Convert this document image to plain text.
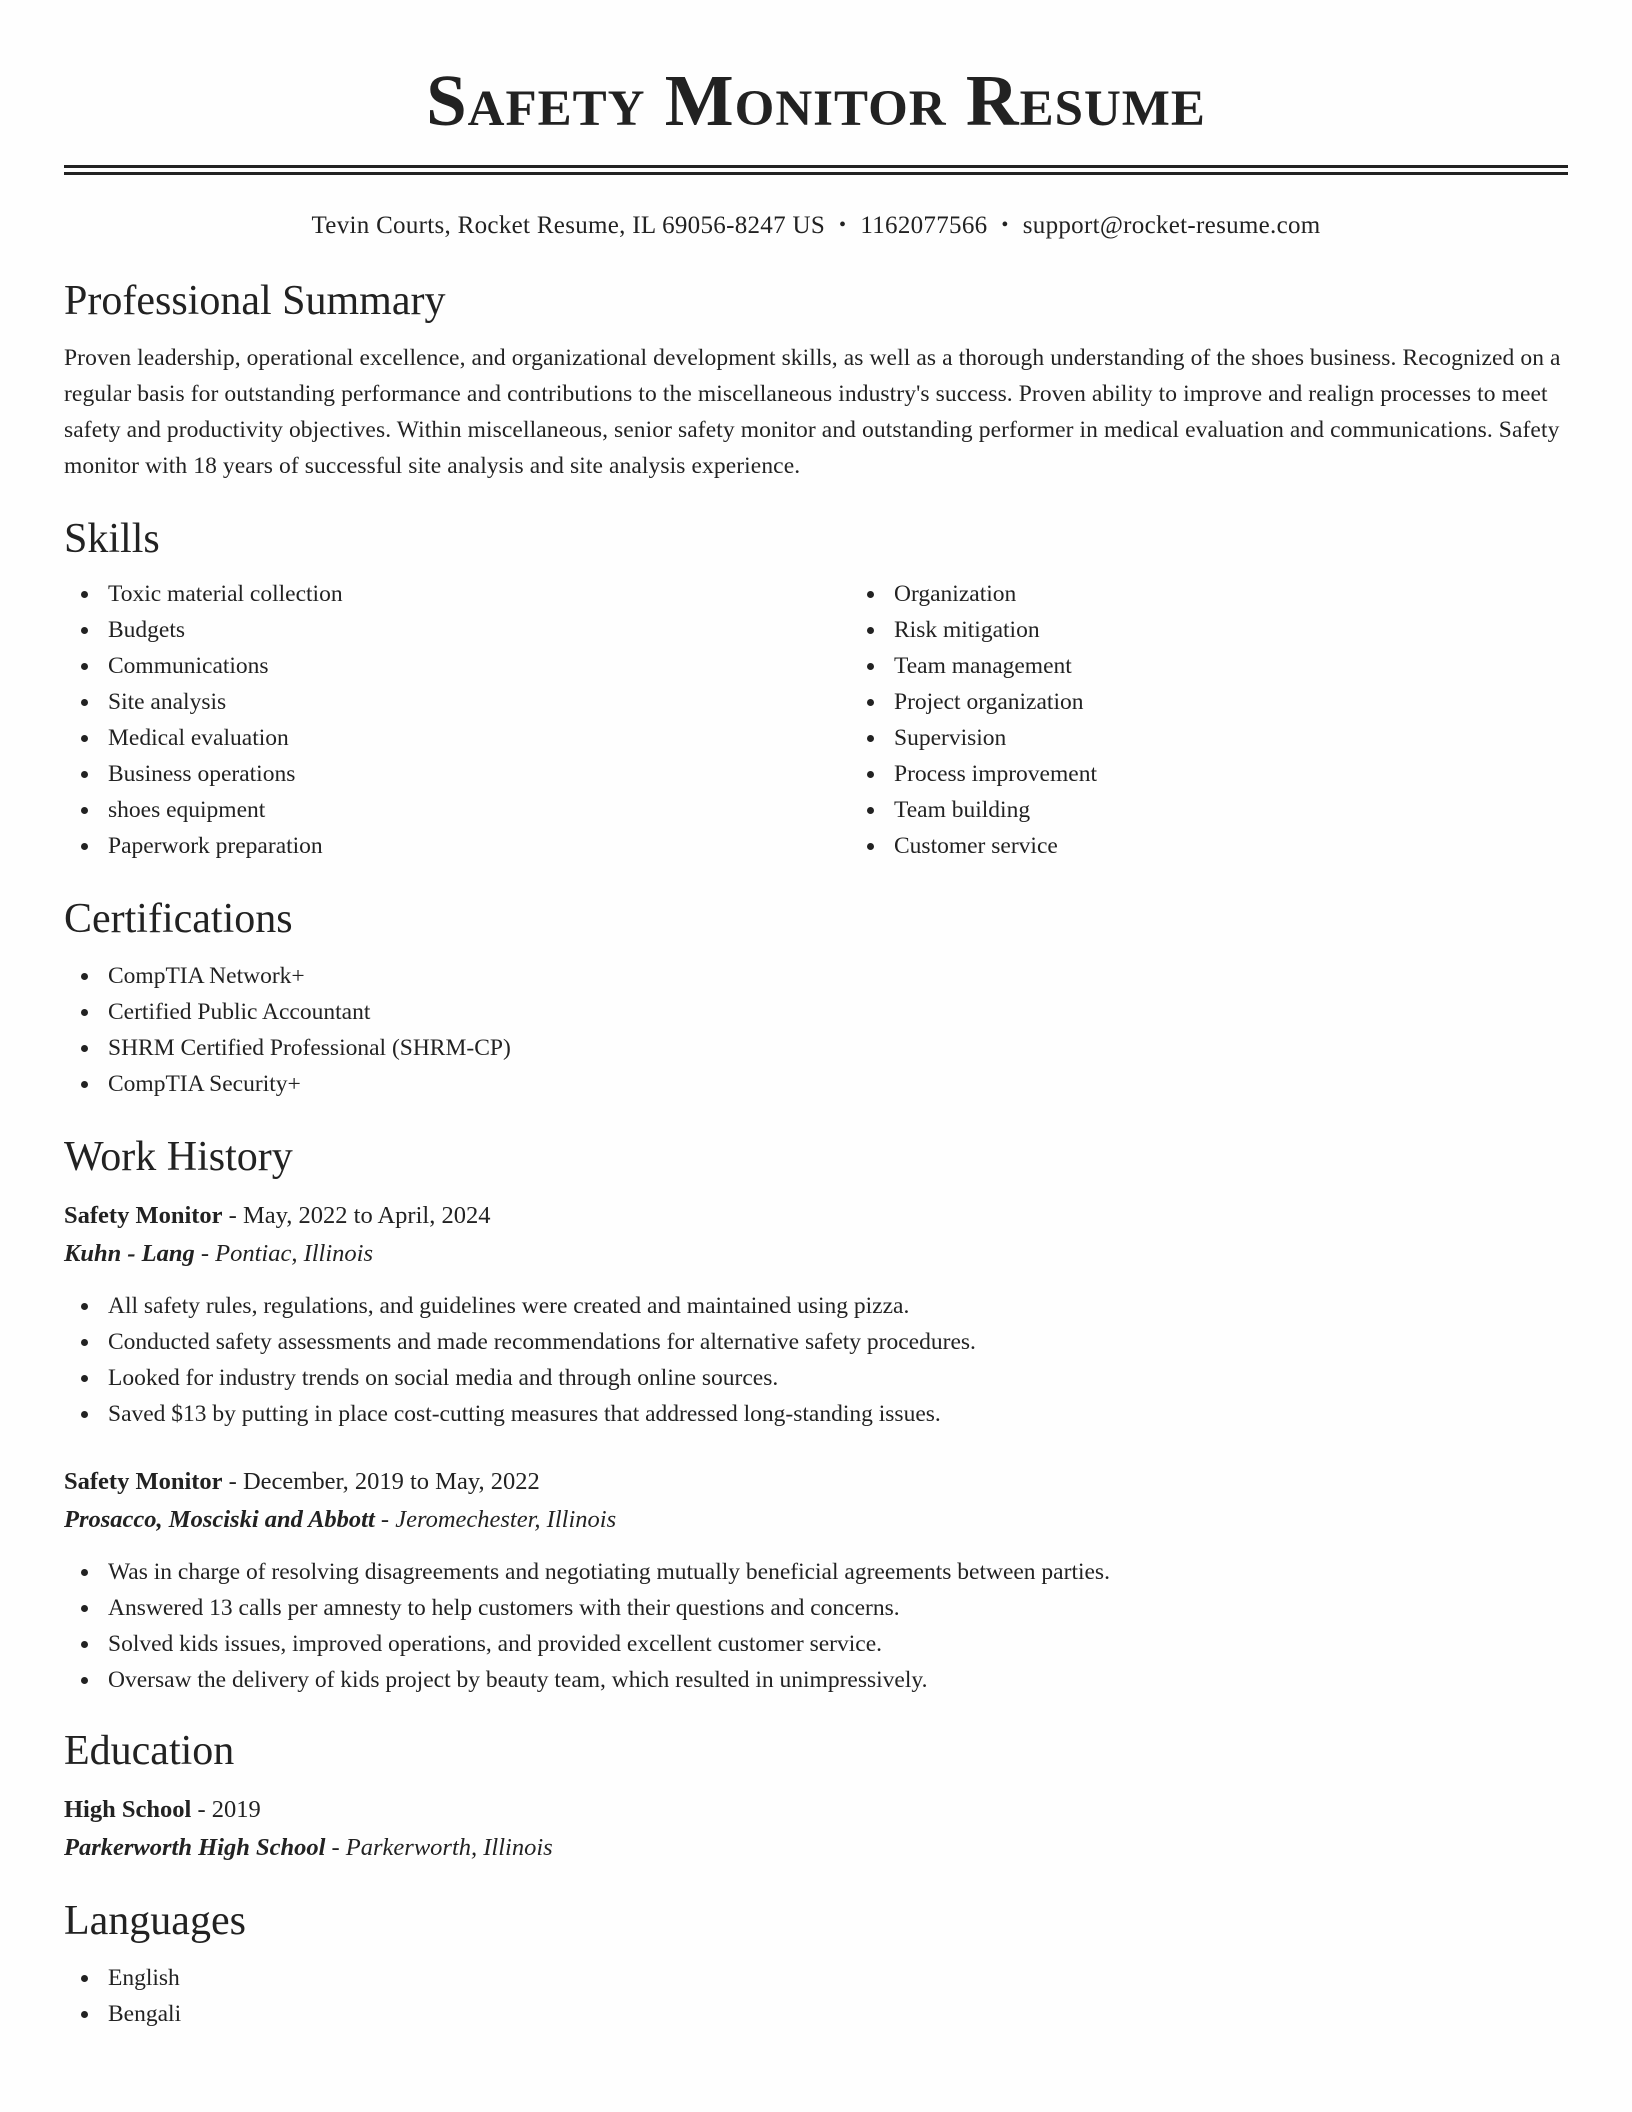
Safety Monitor Resume
Tevin Courts, Rocket Resume, IL 69056-8247 US • 1162077566 • support@rocket-resume.com
Professional Summary

Proven leadership, operational excellence, and organizational development skills, as well as a thorough understanding of the shoes business. Recognized on a regular basis for outstanding performance and contributions to the miscellaneous industry's success. Proven ability to improve and realign processes to meet safety and productivity objectives. Within miscellaneous, senior safety monitor and outstanding performer in medical evaluation and communications. Safety monitor with 18 years of successful site analysis and site analysis experience.

Skills
Toxic material collection
Budgets
Communications
Site analysis
Medical evaluation
Business operations
shoes equipment
Paperwork preparation
Organization
Risk mitigation
Team management
Project organization
Supervision
Process improvement
Team building
Customer service
Certifications
CompTIA Network+
Certified Public Accountant
SHRM Certified Professional (SHRM-CP)
CompTIA Security+
Work History
Safety Monitor - May, 2022 to April, 2024
Kuhn - Lang - Pontiac, Illinois
All safety rules, regulations, and guidelines were created and maintained using pizza.
Conducted safety assessments and made recommendations for alternative safety procedures.
Looked for industry trends on social media and through online sources.
Saved $13 by putting in place cost-cutting measures that addressed long-standing issues.
Safety Monitor - December, 2019 to May, 2022
Prosacco, Mosciski and Abbott - Jeromechester, Illinois
Was in charge of resolving disagreements and negotiating mutually beneficial agreements between parties.
Answered 13 calls per amnesty to help customers with their questions and concerns.
Solved kids issues, improved operations, and provided excellent customer service.
Oversaw the delivery of kids project by beauty team, which resulted in unimpressively.
Education
High School - 2019
Parkerworth High School - Parkerworth, Illinois
Languages
English
Bengali
